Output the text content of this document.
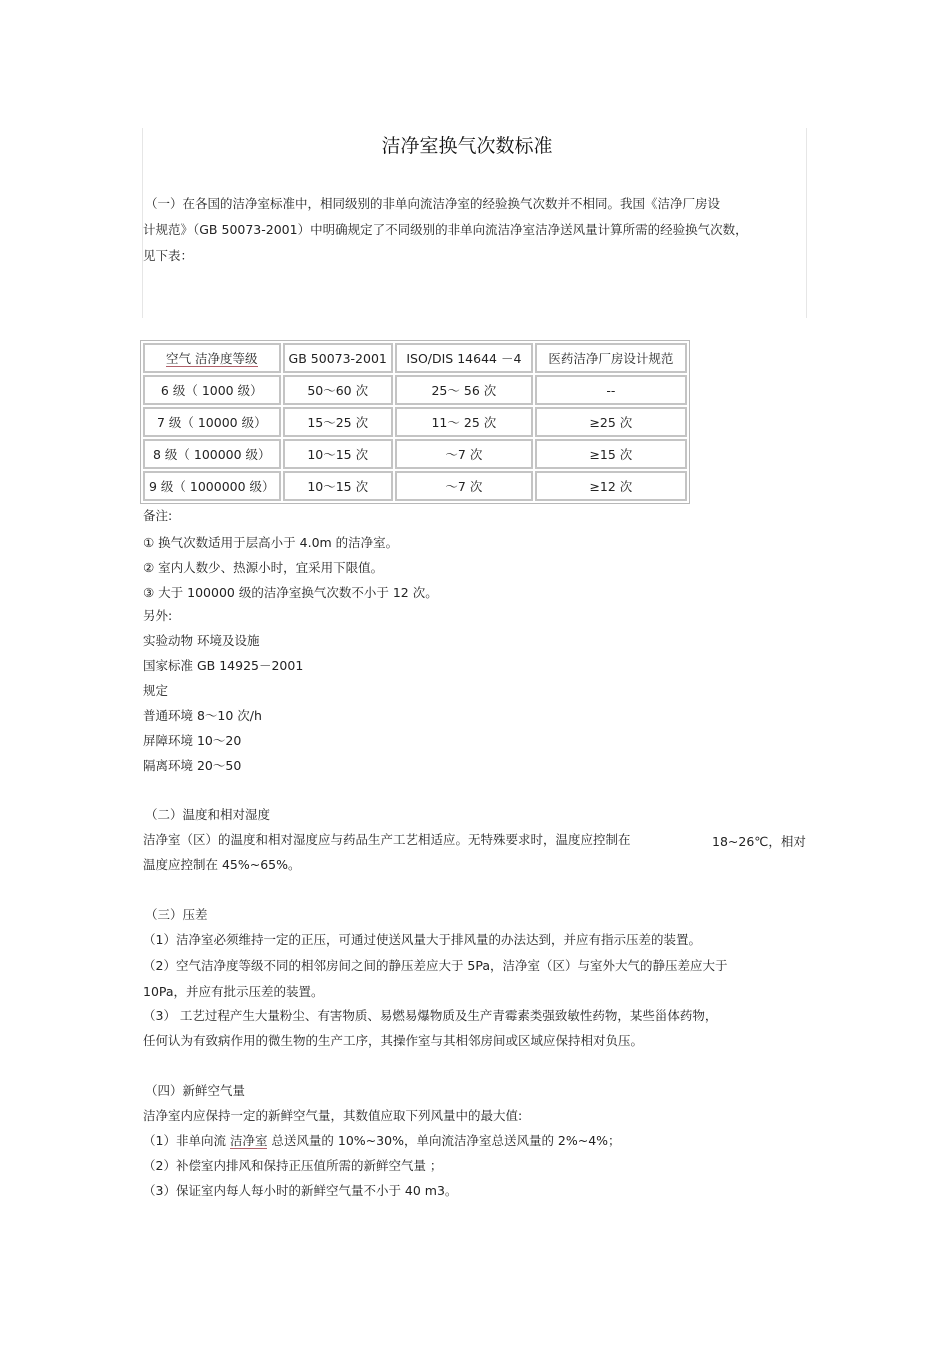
洁净室换气次数标准
（一）在各国的洁净室标准中，相同级别的非单向流洁净室的经验换气次数并不相同。我国《洁净厂房设
计规范》（GB 50073-2001）中明确规定了不同级别的非单向流洁净室洁净送风量计算所需的经验换气次数，
见下表：
空气 洁净度等级	GB 50073-2001	ISO/DIS 14644 －4	医药洁净厂房设计规范
6 级（ 1000 级）	50～60 次	25～ 56 次	--
7 级（ 10000 级）	15～25 次	11～ 25 次	≥25 次
8 级（ 100000 级）	10～15 次	～7 次	≥15 次
9 级（ 1000000 级）	10～15 次	～7 次	≥12 次
备注:
① 换气次数适用于层高小于 4.0m 的洁净室。
② 室内人数少、热源小时，宜采用下限值。
③ 大于 100000 级的洁净室换气次数不小于 12 次。
另外:
实验动物 环境及设施
国家标准 GB 14925－2001
规定
普通环境 8～10 次/h
屏障环境 10～20
隔离环境 20～50
（二）温度和相对湿度
洁净室（区）的温度和相对湿度应与药品生产工艺相适应。无特殊要求时，温度应控制在	18~26℃，相对
温度应控制在 45%~65%。
（三）压差
（1）洁净室必须维持一定的正压，可通过使送风量大于排风量的办法达到，并应有指示压差的装置。
（2）空气洁净度等级不同的相邻房间之间的静压差应大于 5Pa，洁净室（区）与室外大气的静压差应大于
10Pa，并应有批示压差的装置。
（3） 工艺过程产生大量粉尘、有害物质、易燃易爆物质及生产青霉素类强致敏性药物，某些甾体药物，
任何认为有致病作用的微生物的生产工序，其操作室与其相邻房间或区域应保持相对负压。
（四）新鲜空气量
洁净室内应保持一定的新鲜空气量，其数值应取下列风量中的最大值:
（1）非单向流 洁净室 总送风量的 10%~30%，单向流洁净室总送风量的 2%~4%；
（2）补偿室内排风和保持正压值所需的新鲜空气量 ；
（3）保证室内每人每小时的新鲜空气量不小于 40 m3。
